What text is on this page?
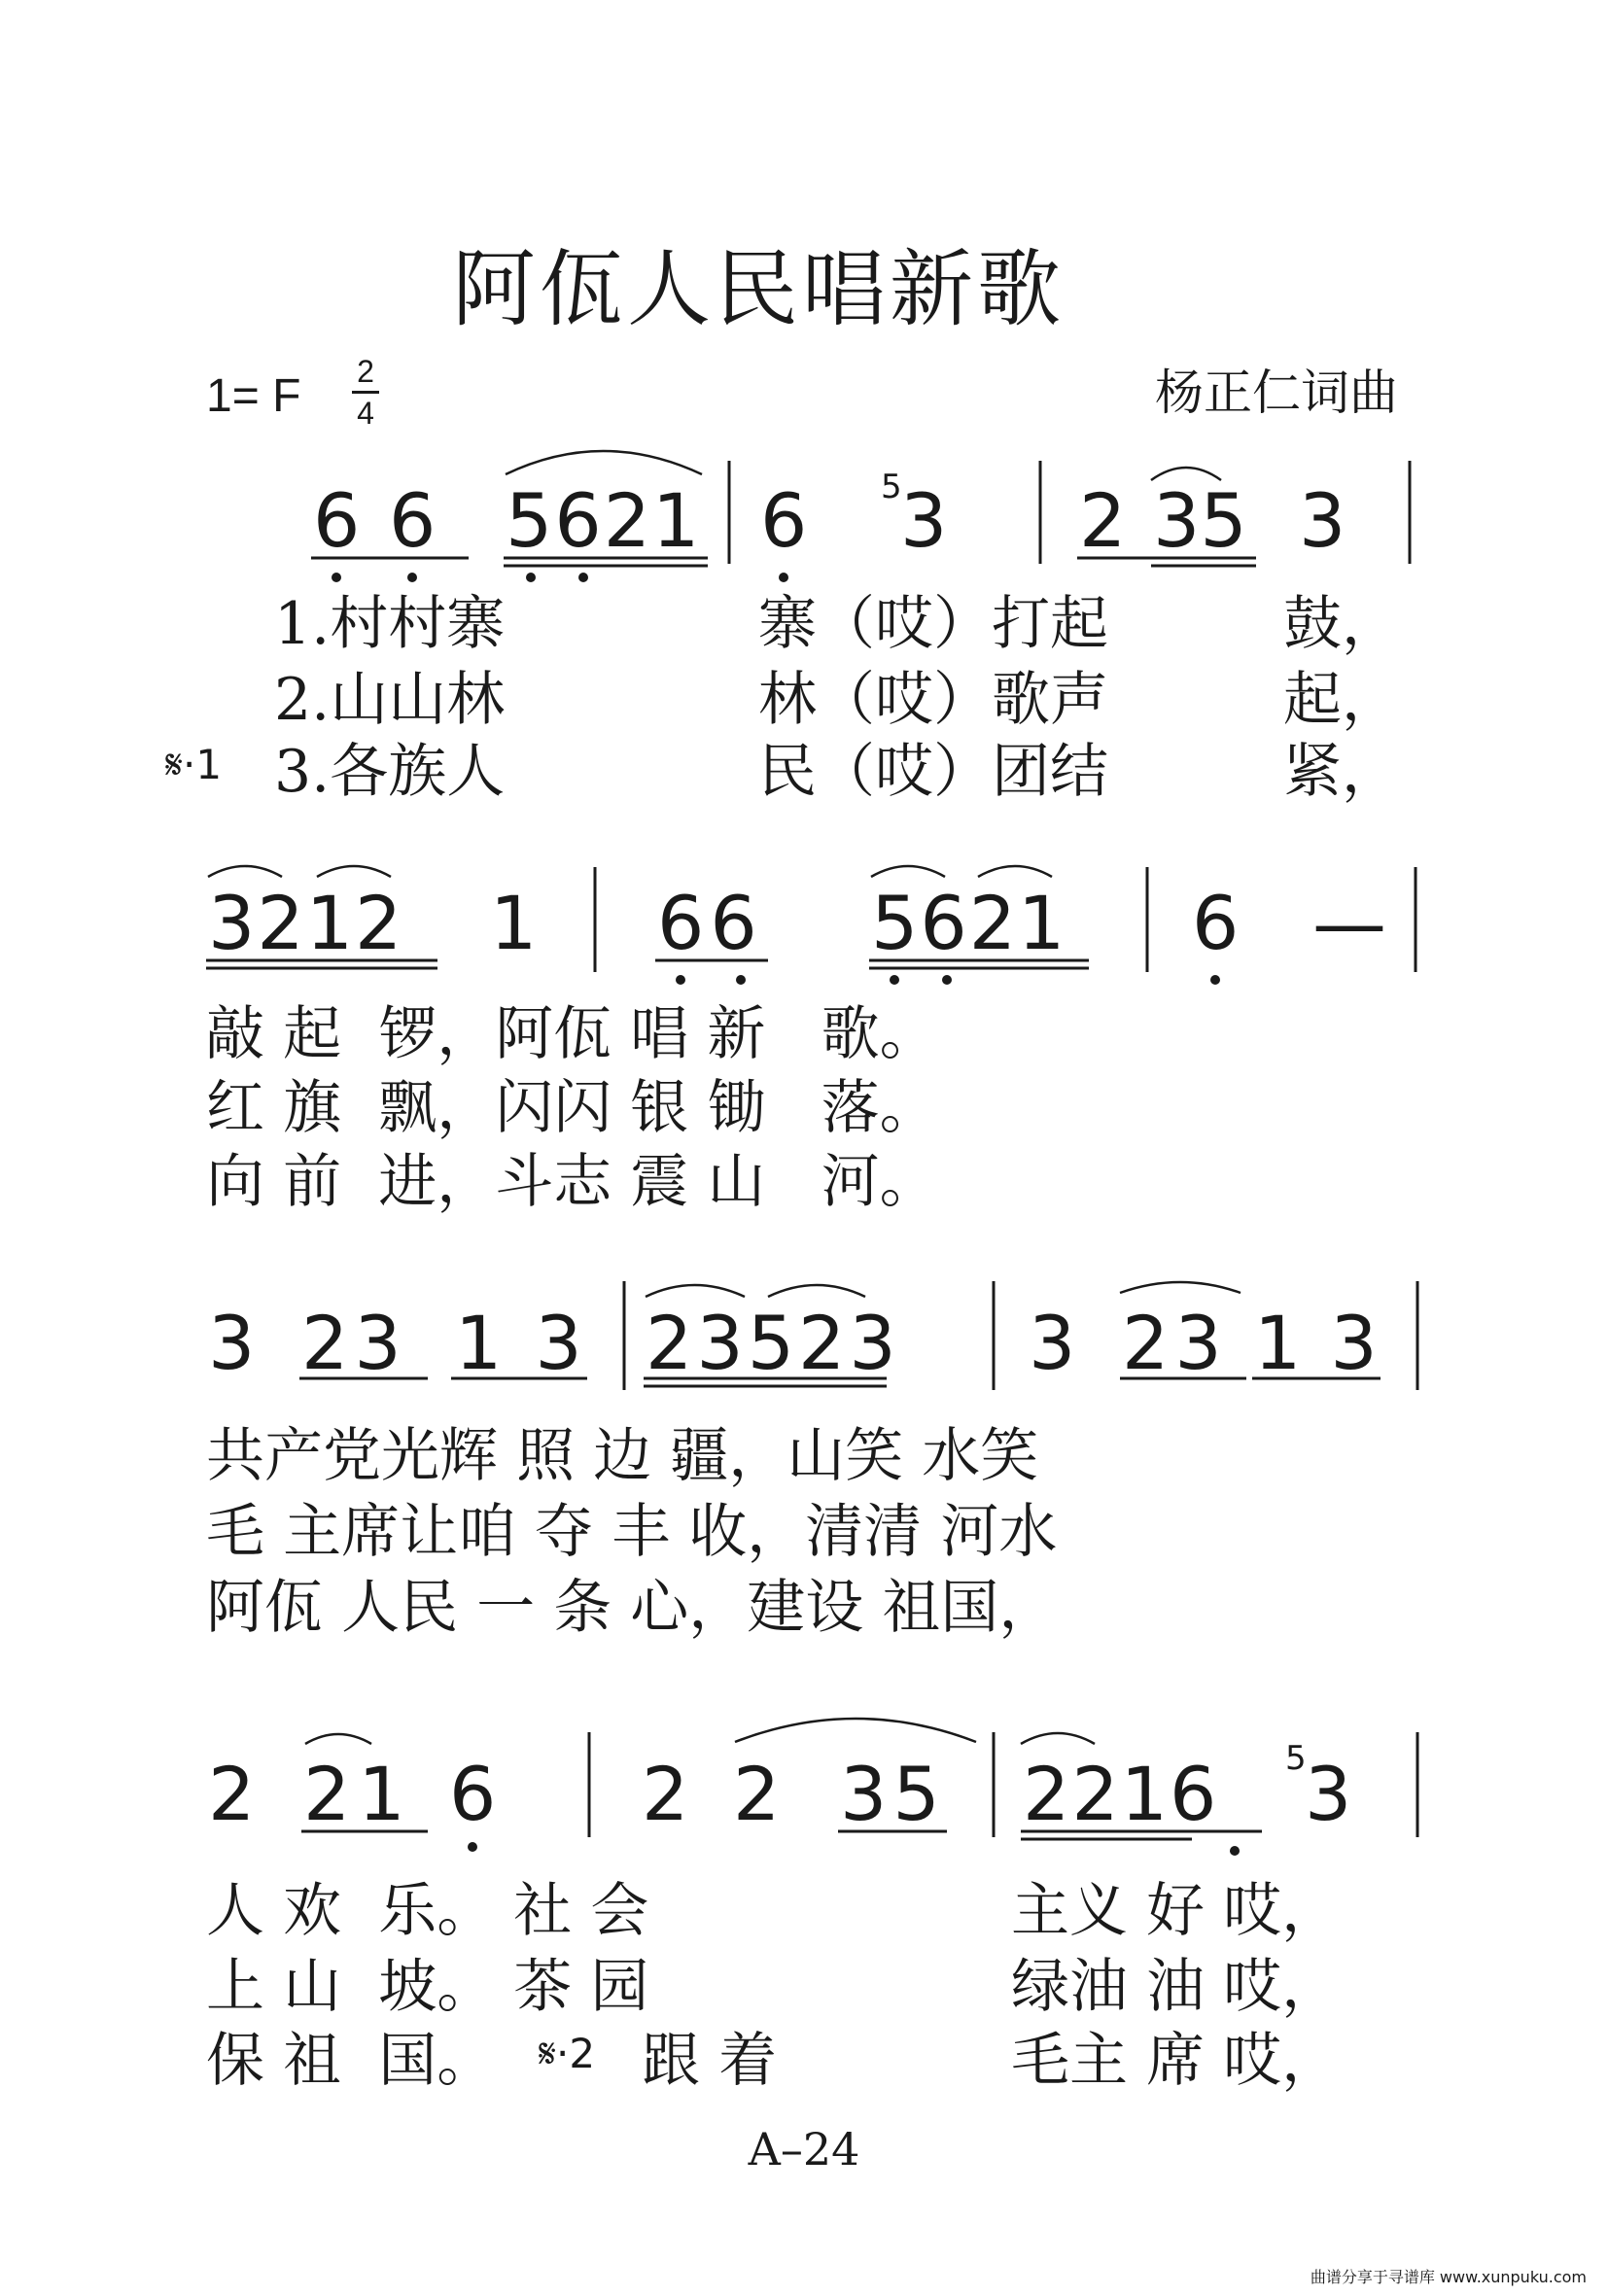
阿佤人民唱新歌
1= F 2
4	杨正仁词曲
6 6 5621 6 5
3 2 35 3
1.村村寨	寨（哎）打起	鼓，
2.山山林	林（哎）歌声	起，
𝄋·1 3.各族人	民（哎）团结	紧，
3212 1 66 5621 6 —
敲 起  锣，阿佤 唱 新   歌。
红 旗  飘，闪闪 银 锄   落。
向 前  进，斗志 震 山   河。
3 23 13 23523 3 23 13
共产党光辉 照 边 疆，山笑 水笑
毛 主席让咱 夺 丰 收，清清 河水
阿佤 人民 一 条 心，建设 祖国，
2 21 6 2 2 35 2216 5
3
人 欢  乐。 社 会
上 山  坡。 茶 园
保 祖  国。 𝄋·2 跟 着
主义 好 哎，
绿油 油 哎，
毛主 席 哎，
A–24
曲谱分享于寻谱库 www.xunpuku.com
